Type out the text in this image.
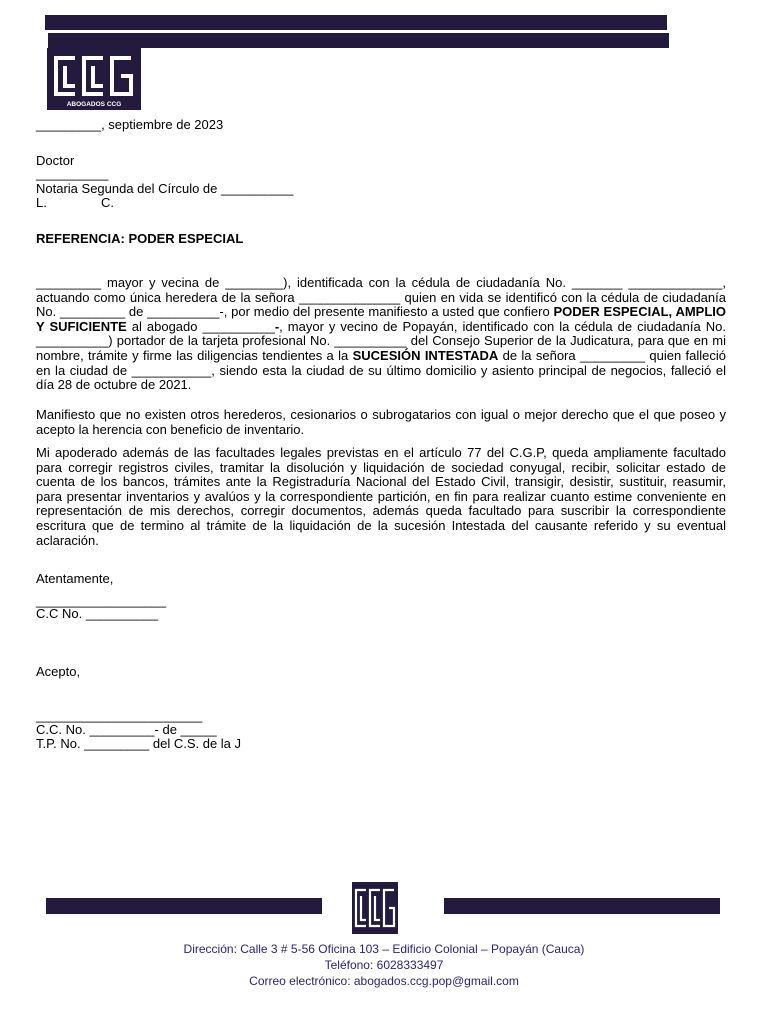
ABOGADOS CCG
_________, septiembre de 2023
Doctor
__________
Notaria Segunda del Círculo de __________
L.               C.
REFERENCIA: PODER ESPECIAL
_________ mayor y vecina de ________), identificada con la cédula de ciudadanía No. _______ _____________, actuando como única heredera de la señora ______________ quien en vida se identificó con la cédula de ciudadanía No. _________ de __________-, por medio del presente manifiesto a usted que confiero PODER ESPECIAL, AMPLIO Y SUFICIENTE al abogado __________-, mayor y vecino de Popayán, identificado con la cédula de ciudadanía No. __________) portador de la tarjeta profesional No. __________ del Consejo Superior de la Judicatura, para que en mi nombre, trámite y firme las diligencias tendientes a la SUCESIÓN INTESTADA de la señora _________ quien falleció en la ciudad de ___________, siendo esta la ciudad de su último domicilio y asiento principal de negocios, falleció el día 28 de octubre de 2021.
Manifiesto que no existen otros herederos, cesionarios o subrogatarios con igual o mejor derecho que el que poseo y acepto la herencia con beneficio de inventario.
Mi apoderado además de las facultades legales previstas en el artículo 77 del C.G.P, queda ampliamente facultado para corregir registros civiles, tramitar la disolución y liquidación de sociedad conyugal, recibir, solicitar estado de cuenta de los bancos, trámites ante la Registraduría Nacional del Estado Civil, transigir, desistir, sustituir, reasumir, para presentar inventarios y avalúos y la correspondiente partición, en fin para realizar cuanto estime conveniente en representación de mis derechos, corregir documentos, además queda facultado para suscribir la correspondiente escritura que de termino al trámite de la liquidación de la sucesión Intestada del causante referido y su eventual aclaración.
Atentamente,
__________________
C.C No. __________
Acepto,
_______________________
C.C. No. _________- de _____
T.P. No. _________ del C.S. de la J
Dirección: Calle 3 # 5-56 Oficina 103 – Edificio Colonial – Popayán (Cauca)
Teléfono: 6028333497
Correo electrónico: abogados.ccg.pop@gmail.com
